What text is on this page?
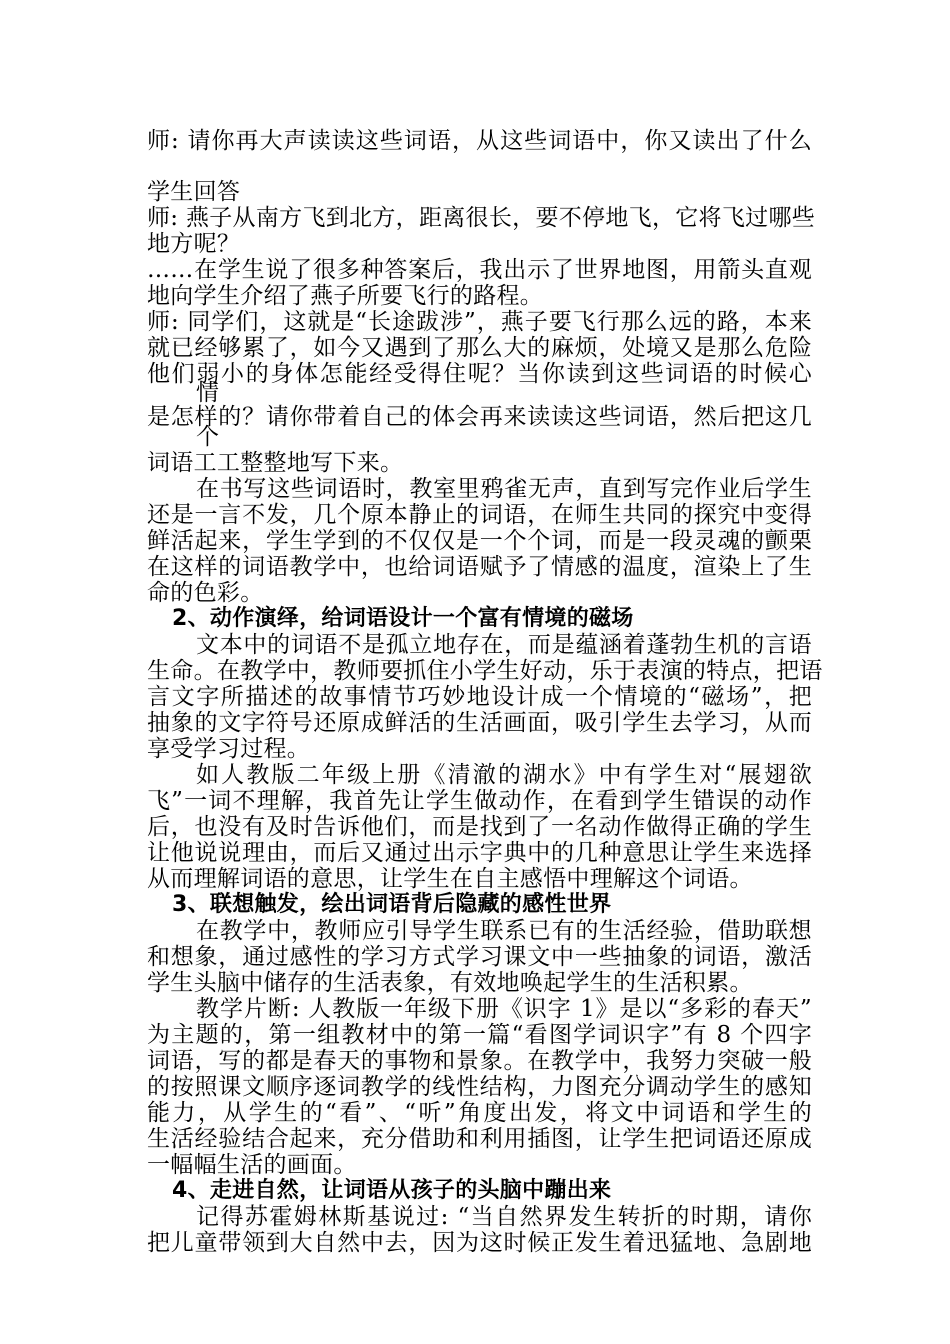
师: 请你再大声读读这些词语，从这些词语中，你又读出了什么
学生回答
师: 燕子从南方飞到北方，距离很长，要不停地飞，它将飞过哪些
地方呢？
……在学生说了很多种答案后，我出示了世界地图，用箭头直观
地向学生介绍了燕子所要飞行的路程。
师: 同学们，这就是“长途跋涉”，燕子要飞行那么远的路，本来
就已经够累了，如今又遇到了那么大的麻烦，处境又是那么危险
他们弱小的身体怎能经受得住呢？当你读到这些词语的时候心
情
是怎样的？请你带着自己的体会再来读读这些词语，然后把这几
个
词语工工整整地写下来。
在书写这些词语时，教室里鸦雀无声，直到写完作业后学生
还是一言不发，几个原本静止的词语，在师生共同的探究中变得
鲜活起来，学生学到的不仅仅是一个个词，而是一段灵魂的颤栗
在这样的词语教学中，也给词语赋予了情感的温度，渲染上了生
命的色彩。
2、动作演绎，给词语设计一个富有情境的磁场
文本中的词语不是孤立地存在，而是蕴涵着蓬勃生机的言语
生命。在教学中，教师要抓住小学生好动，乐于表演的特点，把语
言文字所描述的故事情节巧妙地设计成一个情境的“磁场”，把
抽象的文字符号还原成鲜活的生活画面，吸引学生去学习，从而
享受学习过程。
如人教版二年级上册《清澈的湖水》中有学生对“展翅欲
飞”一词不理解，我首先让学生做动作，在看到学生错误的动作
后，也没有及时告诉他们，而是找到了一名动作做得正确的学生
让他说说理由，而后又通过出示字典中的几种意思让学生来选择
从而理解词语的意思，让学生在自主感悟中理解这个词语。
3、联想触发，绘出词语背后隐藏的感性世界
在教学中，教师应引导学生联系已有的生活经验，借助联想
和想象，通过感性的学习方式学习课文中一些抽象的词语，激活
学生头脑中储存的生活表象，有效地唤起学生的生活积累。
教学片断: 人教版一年级下册《识字 1》是以“多彩的春天”
为主题的，第一组教材中的第一篇“看图学词识字”有 8 个四字
词语，写的都是春天的事物和景象。在教学中，我努力突破一般
的按照课文顺序逐词教学的线性结构，力图充分调动学生的感知
能力，从学生的“看”、“听”角度出发，将文中词语和学生的
生活经验结合起来，充分借助和利用插图，让学生把词语还原成
一幅幅生活的画面。
4、走进自然，让词语从孩子的头脑中蹦出来
记得苏霍姆林斯基说过: “当自然界发生转折的时期，请你
把儿童带领到大自然中去，因为这时候正发生着迅猛地、急剧地
